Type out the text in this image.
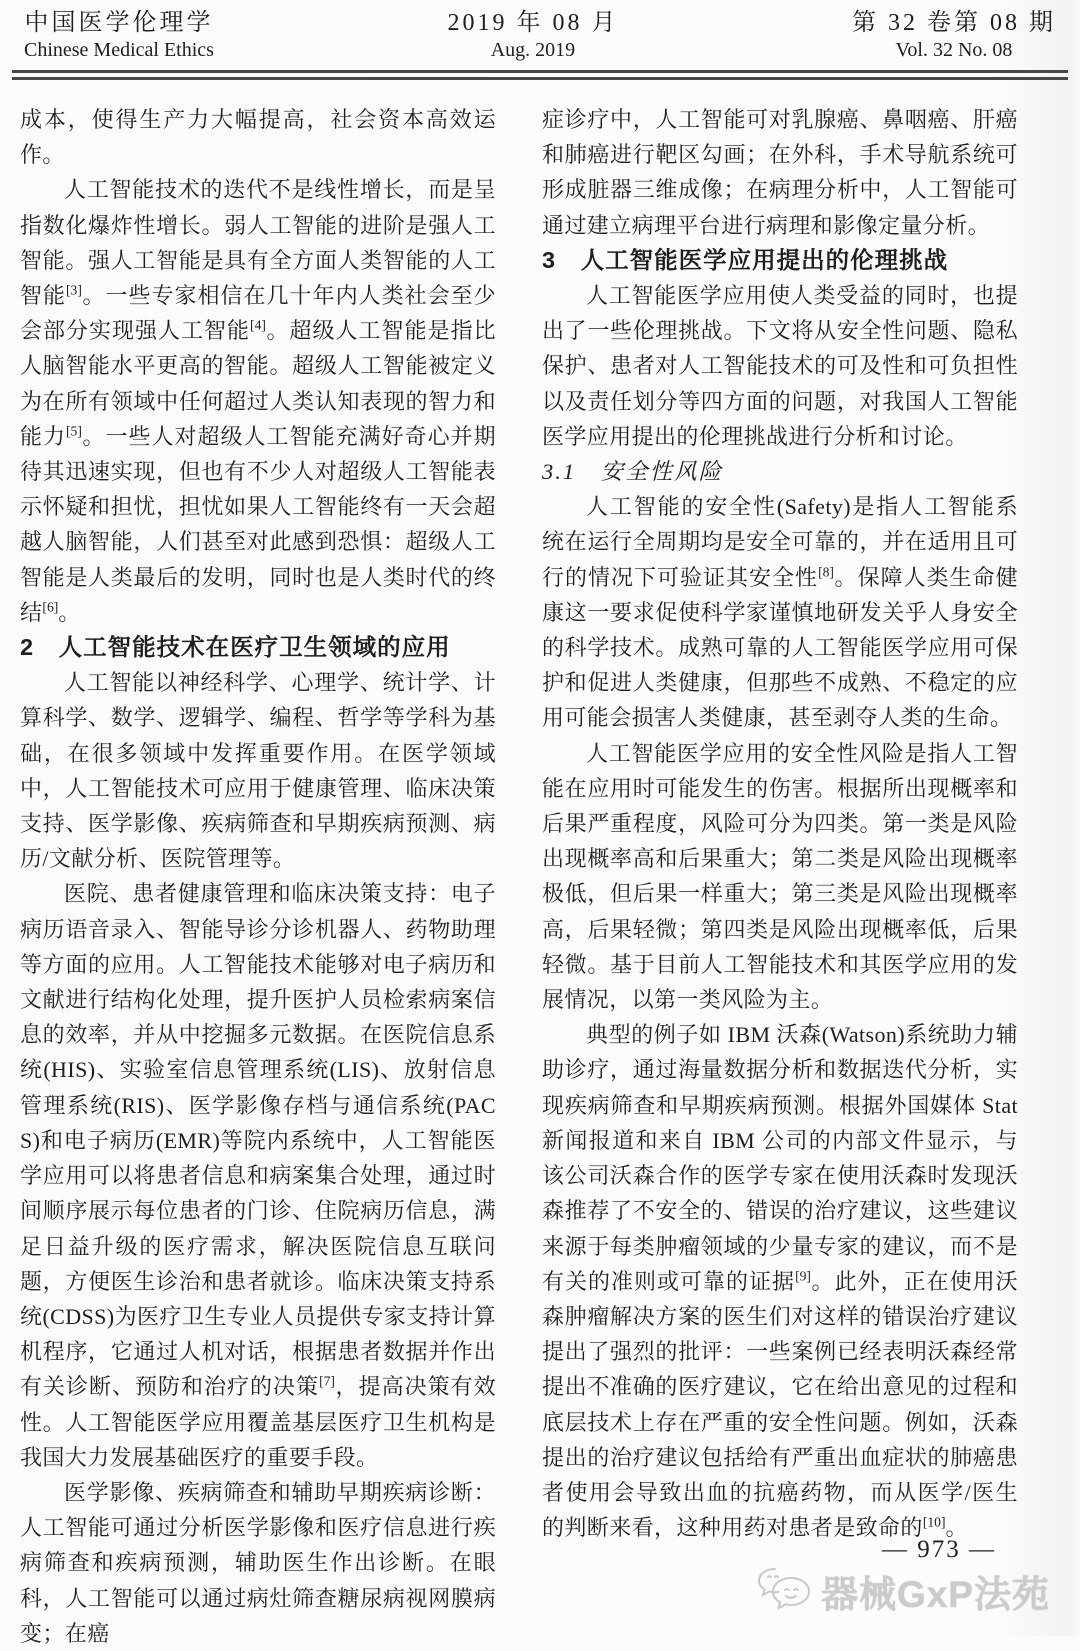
中国医学伦理学
Chinese Medical Ethics
2019 年 08 月
Aug. 2019
第 32 卷第 08 期
Vol. 32 No. 08

成本，使得生产力大幅提高，社会资本高效运作。

人工智能技术的迭代不是线性增长，而是呈指数化爆炸性增长。弱人工智能的进阶是强人工智能。强人工智能是具有全方面人类智能的人工智能[3]。一些专家相信在几十年内人类社会至少会部分实现强人工智能[4]。超级人工智能是指比人脑智能水平更高的智能。超级人工智能被定义为在所有领域中任何超过人类认知表现的智力和能力[5]。一些人对超级人工智能充满好奇心并期待其迅速实现，但也有不少人对超级人工智能表示怀疑和担忧，担忧如果人工智能终有一天会超越人脑智能，人们甚至对此感到恐惧：超级人工智能是人类最后的发明，同时也是人类时代的终结[6]。

2　人工智能技术在医疗卫生领域的应用

人工智能以神经科学、心理学、统计学、计算科学、数学、逻辑学、编程、哲学等学科为基础，在很多领域中发挥重要作用。在医学领域中，人工智能技术可应用于健康管理、临床决策支持、医学影像、疾病筛查和早期疾病预测、病历/文献分析、医院管理等。

医院、患者健康管理和临床决策支持：电子病历语音录入、智能导诊分诊机器人、药物助理等方面的应用。人工智能技术能够对电子病历和文献进行结构化处理，提升医护人员检索病案信息的效率，并从中挖掘多元数据。在医院信息系统(HIS)、实验室信息管理系统(LIS)、放射信息管理系统(RIS)、医学影像存档与通信系统(PACS)和电子病历(EMR)等院内系统中，人工智能医学应用可以将患者信息和病案集合处理，通过时间顺序展示每位患者的门诊、住院病历信息，满足日益升级的医疗需求，解决医院信息互联问题，方便医生诊治和患者就诊。临床决策支持系统(CDSS)为医疗卫生专业人员提供专家支持计算机程序，它通过人机对话，根据患者数据并作出有关诊断、预防和治疗的决策[7]，提高决策有效性。人工智能医学应用覆盖基层医疗卫生机构是我国大力发展基础医疗的重要手段。

医学影像、疾病筛查和辅助早期疾病诊断：人工智能可通过分析医学影像和医疗信息进行疾病筛查和疾病预测，辅助医生作出诊断。在眼科，人工智能可以通过病灶筛查糖尿病视网膜病变；在癌

症诊疗中，人工智能可对乳腺癌、鼻咽癌、肝癌和肺癌进行靶区勾画；在外科，手术导航系统可形成脏器三维成像；在病理分析中，人工智能可通过建立病理平台进行病理和影像定量分析。

3　人工智能医学应用提出的伦理挑战

人工智能医学应用使人类受益的同时，也提出了一些伦理挑战。下文将从安全性问题、隐私保护、患者对人工智能技术的可及性和可负担性以及责任划分等四方面的问题，对我国人工智能医学应用提出的伦理挑战进行分析和讨论。

3.1　安全性风险

人工智能的安全性(Safety)是指人工智能系统在运行全周期均是安全可靠的，并在适用且可行的情况下可验证其安全性[8]。保障人类生命健康这一要求促使科学家谨慎地研发关乎人身安全的科学技术。成熟可靠的人工智能医学应用可保护和促进人类健康，但那些不成熟、不稳定的应用可能会损害人类健康，甚至剥夺人类的生命。

人工智能医学应用的安全性风险是指人工智能在应用时可能发生的伤害。根据所出现概率和后果严重程度，风险可分为四类。第一类是风险出现概率高和后果重大；第二类是风险出现概率极低，但后果一样重大；第三类是风险出现概率高，后果轻微；第四类是风险出现概率低，后果轻微。基于目前人工智能技术和其医学应用的发展情况，以第一类风险为主。

典型的例子如 IBM 沃森(Watson)系统助力辅助诊疗，通过海量数据分析和数据迭代分析，实现疾病筛查和早期疾病预测。根据外国媒体 Stat 新闻报道和来自 IBM 公司的内部文件显示，与该公司沃森合作的医学专家在使用沃森时发现沃森推荐了不安全的、错误的治疗建议，这些建议来源于每类肿瘤领域的少量专家的建议，而不是有关的准则或可靠的证据[9]。此外，正在使用沃森肿瘤解决方案的医生们对这样的错误治疗建议提出了强烈的批评：一些案例已经表明沃森经常提出不准确的医疗建议，它在给出意见的过程和底层技术上存在严重的安全性问题。例如，沃森提出的治疗建议包括给有严重出血症状的肺癌患者使用会导致出血的抗癌药物，而从医学/医生的判断来看，这种用药对患者是致命的[10]。

— 973 —
器械GxP法苑
